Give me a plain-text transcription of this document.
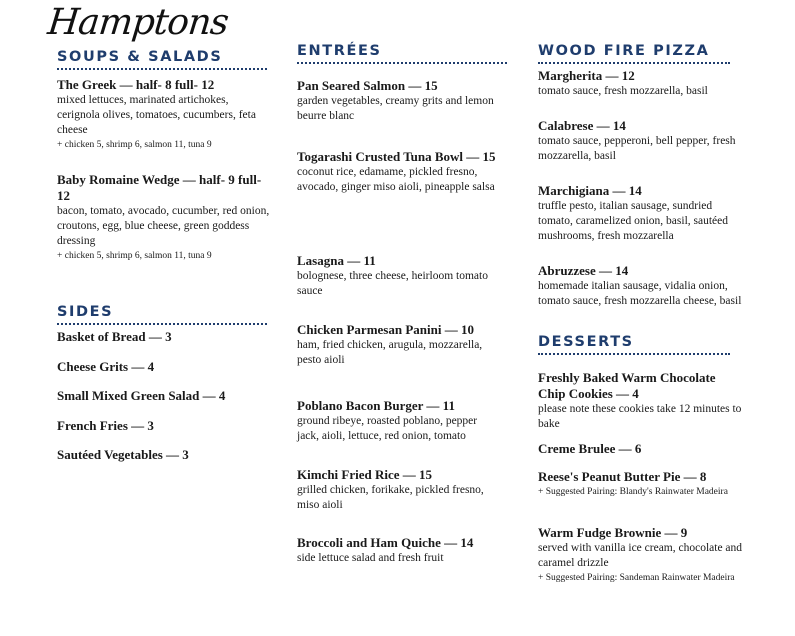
Hamptons
SOUPS & SALADS
The Greek — half- 8 full- 12
mixed lettuces, marinated artichokes, cerignola olives, tomatoes, cucumbers, feta cheese
+ chicken 5, shrimp 6, salmon 11, tuna 9
Baby Romaine Wedge — half- 9 full- 12
bacon, tomato, avocado, cucumber, red onion, croutons, egg, blue cheese, green goddess dressing
+ chicken 5, shrimp 6, salmon 11, tuna 9
SIDES
Basket of Bread — 3
Cheese Grits — 4
Small Mixed Green Salad — 4
French Fries — 3
Sautéed Vegetables — 3
ENTRÉES
Pan Seared Salmon — 15
garden vegetables, creamy grits and lemon beurre blanc
Togarashi Crusted Tuna Bowl — 15
coconut rice, edamame, pickled fresno, avocado, ginger miso aioli, pineapple salsa
Lasagna — 11
bolognese, three cheese, heirloom tomato sauce
Chicken Parmesan Panini — 10
ham, fried chicken, arugula, mozzarella, pesto aioli
Poblano Bacon Burger — 11
ground ribeye, roasted poblano, pepper jack, aioli, lettuce, red onion, tomato
Kimchi Fried Rice — 15
grilled chicken, forikake, pickled fresno, miso aioli
Broccoli and Ham Quiche — 14
side lettuce salad and fresh fruit
WOOD FIRE PIZZA
Margherita — 12
tomato sauce, fresh mozzarella, basil
Calabrese — 14
tomato sauce, pepperoni, bell pepper, fresh mozzarella, basil
Marchigiana — 14
truffle pesto, italian sausage, sundried tomato, caramelized onion, basil, sautéed mushrooms, fresh mozzarella
Abruzzese — 14
homemade italian sausage, vidalia onion, tomato sauce, fresh mozzarella cheese, basil
DESSERTS
Freshly Baked Warm Chocolate Chip Cookies — 4
please note these cookies take 12 minutes to bake
Creme Brulee — 6
Reese's Peanut Butter Pie — 8
+ Suggested Pairing: Blandy's Rainwater Madeira
Warm Fudge Brownie — 9
served with vanilla ice cream, chocolate and caramel drizzle
+ Suggested Pairing: Sandeman Rainwater Madeira
